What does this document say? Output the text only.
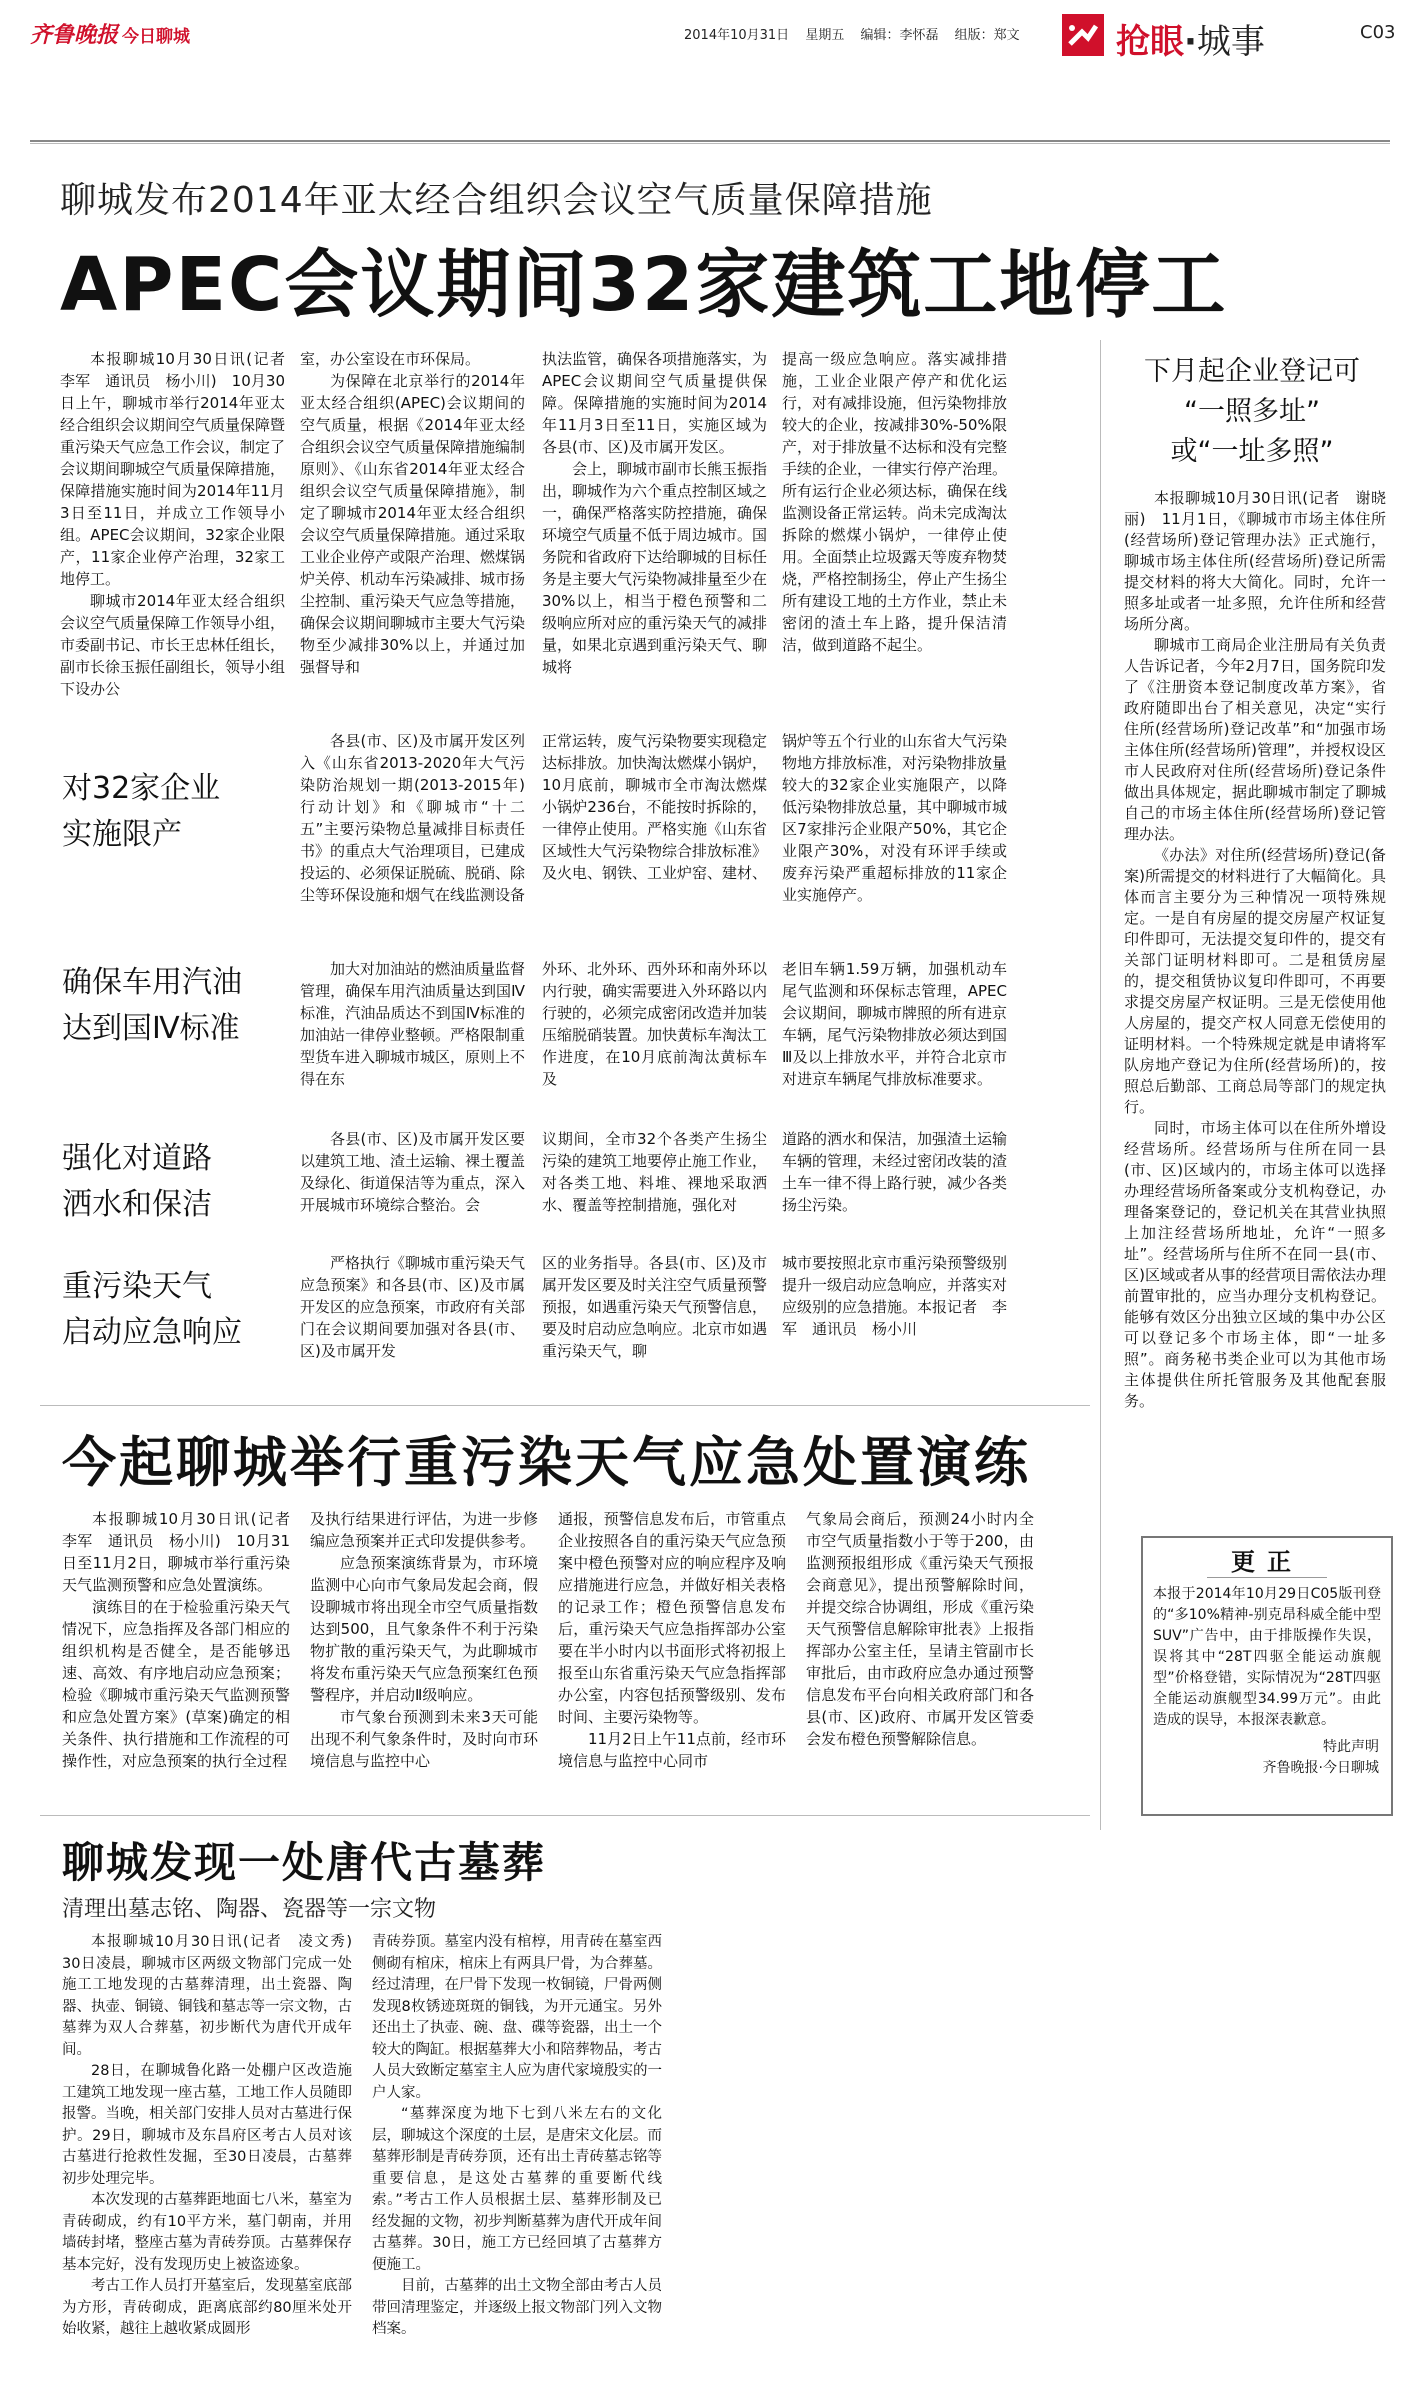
齐鲁晚报 今日聊城	2014年10月31日 星期五 编辑：李怀磊 组版：郑文	抢眼·城事	C03
聊城发布2014年亚太经合组织会议空气质量保障措施
APEC会议期间32家建筑工地停工

本报聊城10月30日讯(记者　李军　通讯员　杨小川)　10月30日上午，聊城市举行2014年亚太经合组织会议期间空气质量保障暨重污染天气应急工作会议，制定了会议期间聊城空气质量保障措施，保障措施实施时间为2014年11月3日至11日，并成立工作领导小组。APEC会议期间，32家企业限产，11家企业停产治理，32家工地停工。

聊城市2014年亚太经合组织会议空气质量保障工作领导小组，市委副书记、市长王忠林任组长，副市长徐玉振任副组长，领导小组下设办公

室，办公室设在市环保局。

为保障在北京举行的2014年亚太经合组织(APEC)会议期间的空气质量，根据《2014年亚太经合组织会议空气质量保障措施编制原则》、《山东省2014年亚太经合组织会议空气质量保障措施》，制定了聊城市2014年亚太经合组织会议空气质量保障措施。通过采取工业企业停产或限产治理、燃煤锅炉关停、机动车污染减排、城市扬尘控制、重污染天气应急等措施，确保会议期间聊城市主要大气污染物至少减排30%以上，并通过加强督导和

执法监管，确保各项措施落实，为APEC会议期间空气质量提供保障。保障措施的实施时间为2014年11月3日至11日，实施区域为各县(市、区)及市属开发区。

会上，聊城市副市长熊玉振指出，聊城作为六个重点控制区域之一，确保严格落实防控措施，确保环境空气质量不低于周边城市。国务院和省政府下达给聊城的目标任务是主要大气污染物减排量至少在30%以上，相当于橙色预警和二级响应所对应的重污染天气的减排量，如果北京遇到重污染天气、聊城将

提高一级应急响应。落实减排措施，工业企业限产停产和优化运行，对有减排设施，但污染物排放较大的企业，按减排30%-50%限产，对于排放量不达标和没有完整手续的企业，一律实行停产治理。所有运行企业必须达标，确保在线监测设备正常运转。尚未完成淘汰拆除的燃煤小锅炉，一律停止使用。全面禁止垃圾露天等废弃物焚烧，严格控制扬尘，停止产生扬尘所有建设工地的土方作业，禁止未密闭的渣土车上路，提升保洁清洁，做到道路不起尘。

对32家企业
实施限产

各县(市、区)及市属开发区列入《山东省2013-2020年大气污染防治规划一期(2013-2015年)行动计划》和《聊城市“十二五”主要污染物总量减排目标责任书》的重点大气治理项目，已建成投运的、必须保证脱硫、脱硝、除尘等环保设施和烟气在线监测设备

正常运转，废气污染物要实现稳定达标排放。加快淘汰燃煤小锅炉，10月底前，聊城市全市淘汰燃煤小锅炉236台，不能按时拆除的，一律停止使用。严格实施《山东省区域性大气污染物综合排放标准》及火电、钢铁、工业炉窑、建材、

锅炉等五个行业的山东省大气污染物地方排放标准，对污染物排放量较大的32家企业实施限产，以降低污染物排放总量，其中聊城市城区7家排污企业限产50%，其它企业限产30%，对没有环评手续或废弃污染严重超标排放的11家企业实施停产。

确保车用汽油
达到国Ⅳ标准

加大对加油站的燃油质量监督管理，确保车用汽油质量达到国Ⅳ标准，汽油品质达不到国Ⅳ标准的加油站一律停业整顿。严格限制重型货车进入聊城市城区，原则上不得在东

外环、北外环、西外环和南外环以内行驶，确实需要进入外环路以内行驶的，必须完成密闭改造并加装压缩脱硝装置。加快黄标车淘汰工作进度，在10月底前淘汰黄标车及

老旧车辆1.59万辆，加强机动车尾气监测和环保标志管理，APEC会议期间，聊城市牌照的所有进京车辆，尾气污染物排放必须达到国Ⅲ及以上排放水平，并符合北京市对进京车辆尾气排放标准要求。

强化对道路
洒水和保洁

各县(市、区)及市属开发区要以建筑工地、渣土运输、裸土覆盖及绿化、街道保洁等为重点，深入开展城市环境综合整治。会

议期间，全市32个各类产生扬尘污染的建筑工地要停止施工作业，对各类工地、料堆、裸地采取洒水、覆盖等控制措施，强化对

道路的洒水和保洁，加强渣土运输车辆的管理，未经过密闭改装的渣土车一律不得上路行驶，减少各类扬尘污染。

重污染天气
启动应急响应

严格执行《聊城市重污染天气应急预案》和各县(市、区)及市属开发区的应急预案，市政府有关部门在会议期间要加强对各县(市、区)及市属开发

区的业务指导。各县(市、区)及市属开发区要及时关注空气质量预警预报，如遇重污染天气预警信息，要及时启动应急响应。北京市如遇重污染天气，聊

城市要按照北京市重污染预警级别提升一级启动应急响应，并落实对应级别的应急措施。本报记者　李军　通讯员　杨小川

下月起企业登记可
“一照多址”
或“一址多照”

本报聊城10月30日讯(记者　谢晓丽)　11月1日，《聊城市市场主体住所(经营场所)登记管理办法》正式施行，聊城市场主体住所(经营场所)登记所需提交材料的将大大简化。同时，允许一照多址或者一址多照，允许住所和经营场所分离。

聊城市工商局企业注册局有关负责人告诉记者，今年2月7日，国务院印发了《注册资本登记制度改革方案》，省政府随即出台了相关意见，决定“实行住所(经营场所)登记改革”和“加强市场主体住所(经营场所)管理”，并授权设区市人民政府对住所(经营场所)登记条件做出具体规定，据此聊城市制定了聊城自己的市场主体住所(经营场所)登记管理办法。

《办法》对住所(经营场所)登记(备案)所需提交的材料进行了大幅简化。具体而言主要分为三种情况一项特殊规定。一是自有房屋的提交房屋产权证复印件即可，无法提交复印件的，提交有关部门证明材料即可。二是租赁房屋的，提交租赁协议复印件即可，不再要求提交房屋产权证明。三是无偿使用他人房屋的，提交产权人同意无偿使用的证明材料。一个特殊规定就是申请将军队房地产登记为住所(经营场所)的，按照总后勤部、工商总局等部门的规定执行。

同时，市场主体可以在住所外增设经营场所。经营场所与住所在同一县(市、区)区域内的，市场主体可以选择办理经营场所备案或分支机构登记，办理备案登记的，登记机关在其营业执照上加注经营场所地址，允许“一照多址”。经营场所与住所不在同一县(市、区)区域或者从事的经营项目需依法办理前置审批的，应当办理分支机构登记。能够有效区分出独立区域的集中办公区可以登记多个市场主体，即“一址多照”。商务秘书类企业可以为其他市场主体提供住所托管服务及其他配套服务。

更正
本报于2014年10月29日C05版刊登的“多10%精神-别克昂科威全能中型SUV”广告中，由于排版操作失误，误将其中“28T四驱全能运动旗舰型”价格登错，实际情况为“28T四驱全能运动旗舰型34.99万元”。由此造成的误导，本报深表歉意。
特此声明
齐鲁晚报·今日聊城
今起聊城举行重污染天气应急处置演练

本报聊城10月30日讯(记者　李军　通讯员　杨小川)　10月31日至11月2日，聊城市举行重污染天气监测预警和应急处置演练。

演练目的在于检验重污染天气情况下，应急指挥及各部门相应的组织机构是否健全，是否能够迅速、高效、有序地启动应急预案；检验《聊城市重污染天气监测预警和应急处置方案》(草案)确定的相关条件、执行措施和工作流程的可操作性，对应急预案的执行全过程

及执行结果进行评估，为进一步修编应急预案并正式印发提供参考。

应急预案演练背景为，市环境监测中心向市气象局发起会商，假设聊城市将出现全市空气质量指数达到500，且气象条件不利于污染物扩散的重污染天气，为此聊城市将发布重污染天气应急预案红色预警程序，并启动Ⅱ级响应。

市气象台预测到未来3天可能出现不利气象条件时，及时向市环境信息与监控中心

通报，预警信息发布后，市管重点企业按照各自的重污染天气应急预案中橙色预警对应的响应程序及响应措施进行应急，并做好相关表格的记录工作；橙色预警信息发布后，重污染天气应急指挥部办公室要在半小时内以书面形式将初报上报至山东省重污染天气应急指挥部办公室，内容包括预警级别、发布时间、主要污染物等。

11月2日上午11点前，经市环境信息与监控中心同市

气象局会商后，预测24小时内全市空气质量指数小于等于200，由监测预报组形成《重污染天气预报会商意见》，提出预警解除时间，并提交综合协调组，形成《重污染天气预警信息解除审批表》上报指挥部办公室主任，呈请主管副市长审批后，由市政府应急办通过预警信息发布平台向相关政府部门和各县(市、区)政府、市属开发区管委会发布橙色预警解除信息。

聊城发现一处唐代古墓葬
清理出墓志铭、陶器、瓷器等一宗文物

本报聊城10月30日讯(记者　凌文秀)　30日凌晨，聊城市区两级文物部门完成一处施工工地发现的古墓葬清理，出土瓷器、陶器、执壶、铜镜、铜钱和墓志等一宗文物，古墓葬为双人合葬墓，初步断代为唐代开成年间。

28日，在聊城鲁化路一处棚户区改造施工建筑工地发现一座古墓，工地工作人员随即报警。当晚，相关部门安排人员对古墓进行保护。29日，聊城市及东昌府区考古人员对该古墓进行抢救性发掘，至30日凌晨，古墓葬初步处理完毕。

本次发现的古墓葬距地面七八米，墓室为青砖砌成，约有10平方米，墓门朝南，并用墙砖封堵，整座古墓为青砖券顶。古墓葬保存基本完好，没有发现历史上被盗迹象。

考古工作人员打开墓室后，发现墓室底部为方形，青砖砌成，距离底部约80厘米处开始收紧，越往上越收紧成圆形

青砖券顶。墓室内没有棺椁，用青砖在墓室西侧砌有棺床，棺床上有两具尸骨，为合葬墓。经过清理，在尸骨下发现一枚铜镜，尸骨两侧发现8枚锈迹斑斑的铜钱，为开元通宝。另外还出土了执壶、碗、盘、碟等瓷器，出土一个较大的陶缸。根据墓葬大小和陪葬物品，考古人员大致断定墓室主人应为唐代家境殷实的一户人家。

“墓葬深度为地下七到八米左右的文化层，聊城这个深度的土层，是唐宋文化层。而墓葬形制是青砖券顶，还有出土青砖墓志铭等重要信息，是这处古墓葬的重要断代线索。”考古工作人员根据土层、墓葬形制及已经发掘的文物，初步判断墓葬为唐代开成年间古墓葬。30日，施工方已经回填了古墓葬方便施工。

目前，古墓葬的出土文物全部由考古人员带回清理鉴定，并逐级上报文物部门列入文物档案。
